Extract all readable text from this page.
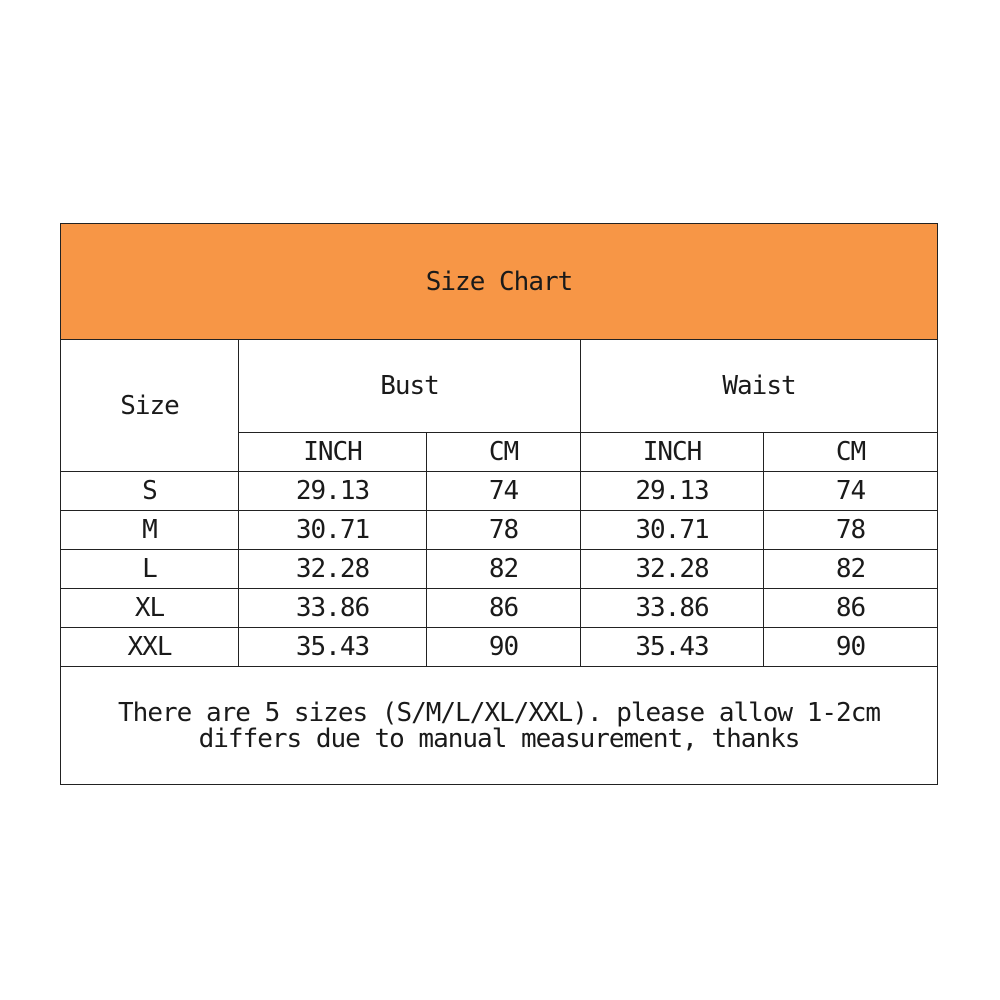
Size Chart				
Size	Bust		Waist	
	INCH	CM	INCH	CM
S	29.13	74	29.13	74
M	30.71	78	30.71	78
L	32.28	82	32.28	82
XL	33.86	86	33.86	86
XXL	35.43	90	35.43	90

There are 5 sizes (S/M/L/XL/XXL). please allow 1-2cm
differs due to manual measurement, thanks				
